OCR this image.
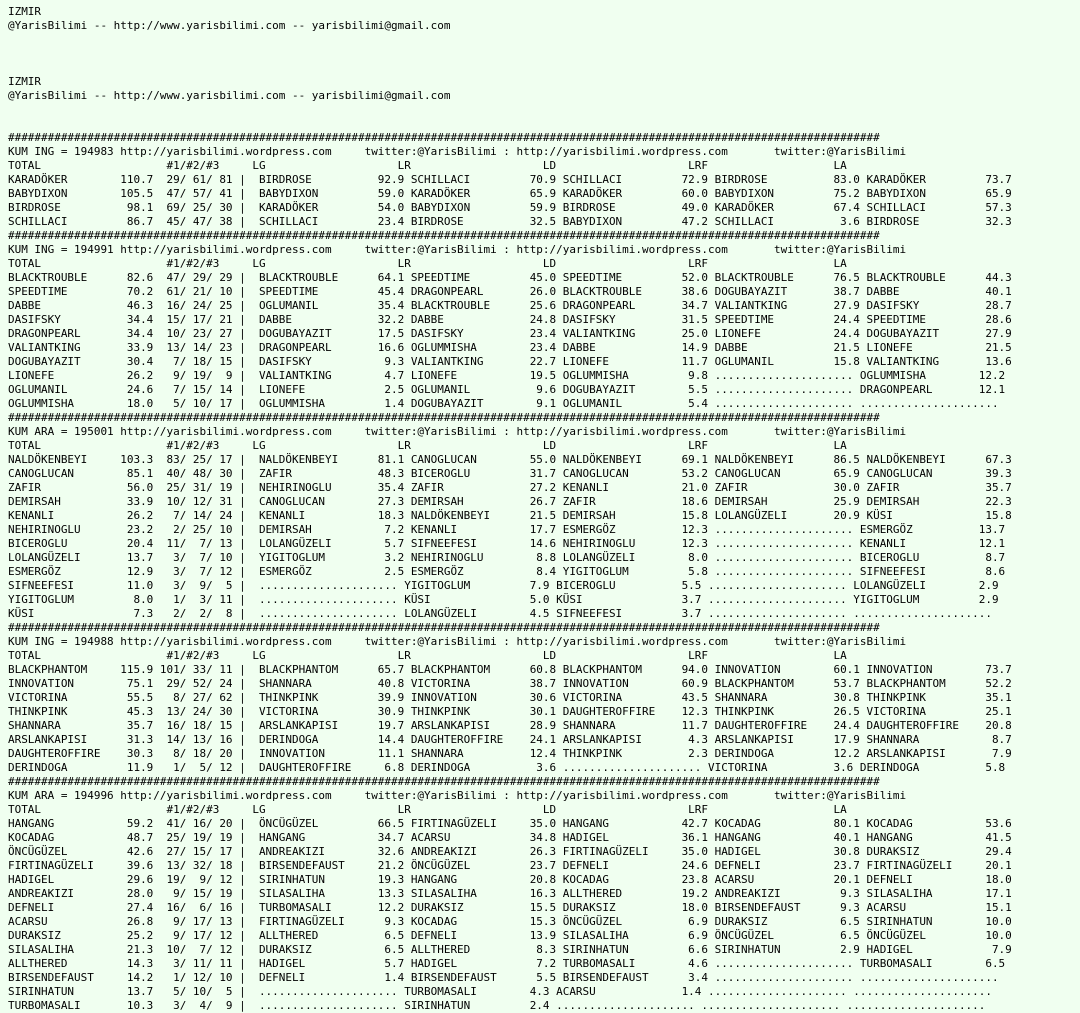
IZMIR
@YarisBilimi -- http://www.yarisbilimi.com -- yarisbilimi@gmail.com
IZMIR
@YarisBilimi -- http://www.yarisbilimi.com -- yarisbilimi@gmail.com
####################################################################################################################################
KUM ING = 194983 http://yarisbilimi.wordpress.com     twitter:@YarisBilimi : http://yarisbilimi.wordpress.com       twitter:@YarisBilimi
TOTAL                   #1/#2/#3     LG                    LR                    LD                    LRF                   LA
KARADÖKER        110.7  29/ 61/ 81 |  BIRDROSE          92.9 SCHILLACI         70.9 SCHILLACI         72.9 BIRDROSE          83.0 KARADÖKER         73.7
BABYDIXON        105.5  47/ 57/ 41 |  BABYDIXON         59.0 KARADÖKER         65.9 KARADÖKER         60.0 BABYDIXON         75.2 BABYDIXON         65.9
BIRDROSE          98.1  69/ 25/ 30 |  KARADÖKER         54.0 BABYDIXON         59.9 BIRDROSE          49.0 KARADÖKER         67.4 SCHILLACI         57.3
SCHILLACI         86.7  45/ 47/ 38 |  SCHILLACI         23.4 BIRDROSE          32.5 BABYDIXON         47.2 SCHILLACI          3.6 BIRDROSE          32.3
####################################################################################################################################
KUM ING = 194991 http://yarisbilimi.wordpress.com     twitter:@YarisBilimi : http://yarisbilimi.wordpress.com       twitter:@YarisBilimi
TOTAL                   #1/#2/#3     LG                    LR                    LD                    LRF                   LA
BLACKTROUBLE      82.6  47/ 29/ 29 |  BLACKTROUBLE      64.1 SPEEDTIME         45.0 SPEEDTIME         52.0 BLACKTROUBLE      76.5 BLACKTROUBLE      44.3
SPEEDTIME         70.2  61/ 21/ 10 |  SPEEDTIME         45.4 DRAGONPEARL       26.0 BLACKTROUBLE      38.6 DOGUBAYAZIT       38.7 DABBE             40.1
DABBE             46.3  16/ 24/ 25 |  OGLUMANIL         35.4 BLACKTROUBLE      25.6 DRAGONPEARL       34.7 VALIANTKING       27.9 DASIFSKY          28.7
DASIFSKY          34.4  15/ 17/ 21 |  DABBE             32.2 DABBE             24.8 DASIFSKY          31.5 SPEEDTIME         24.4 SPEEDTIME         28.6
DRAGONPEARL       34.4  10/ 23/ 27 |  DOGUBAYAZIT       17.5 DASIFSKY          23.4 VALIANTKING       25.0 LIONEFE           24.4 DOGUBAYAZIT       27.9
VALIANTKING       33.9  13/ 14/ 23 |  DRAGONPEARL       16.6 OGLUMMISHA        23.4 DABBE             14.9 DABBE             21.5 LIONEFE           21.5
DOGUBAYAZIT       30.4   7/ 18/ 15 |  DASIFSKY           9.3 VALIANTKING       22.7 LIONEFE           11.7 OGLUMANIL         15.8 VALIANTKING       13.6
LIONEFE           26.2   9/ 19/  9 |  VALIANTKING        4.7 LIONEFE           19.5 OGLUMMISHA         9.8 ..................... OGLUMMISHA        12.2
OGLUMANIL         24.6   7/ 15/ 14 |  LIONEFE            2.5 OGLUMANIL          9.6 DOGUBAYAZIT        5.5 ..................... DRAGONPEARL       12.1
OGLUMMISHA        18.0   5/ 10/ 17 |  OGLUMMISHA         1.4 DOGUBAYAZIT        9.1 OGLUMANIL          5.4 ..................... .....................
####################################################################################################################################
KUM ARA = 195001 http://yarisbilimi.wordpress.com     twitter:@YarisBilimi : http://yarisbilimi.wordpress.com       twitter:@YarisBilimi
TOTAL                   #1/#2/#3     LG                    LR                    LD                    LRF                   LA
NALDÖKENBEYI     103.3  83/ 25/ 17 |  NALDÖKENBEYI      81.1 CANOGLUCAN        55.0 NALDÖKENBEYI      69.1 NALDÖKENBEYI      86.5 NALDÖKENBEYI      67.3
CANOGLUCAN        85.1  40/ 48/ 30 |  ZAFIR             48.3 BICEROGLU         31.7 CANOGLUCAN        53.2 CANOGLUCAN        65.9 CANOGLUCAN        39.3
ZAFIR             56.0  25/ 31/ 19 |  NEHIRINOGLU       35.4 ZAFIR             27.2 KENANLI           21.0 ZAFIR             30.0 ZAFIR             35.7
DEMIRSAH          33.9  10/ 12/ 31 |  CANOGLUCAN        27.3 DEMIRSAH          26.7 ZAFIR             18.6 DEMIRSAH          25.9 DEMIRSAH          22.3
KENANLI           26.2   7/ 14/ 24 |  KENANLI           18.3 NALDÖKENBEYI      21.5 DEMIRSAH          15.8 LOLANGÜZELI       20.9 KÜSI              15.8
NEHIRINOGLU       23.2   2/ 25/ 10 |  DEMIRSAH           7.2 KENANLI           17.7 ESMERGÖZ          12.3 ..................... ESMERGÖZ          13.7
BICEROGLU         20.4  11/  7/ 13 |  LOLANGÜZELI        5.7 SIFNEEFESI        14.6 NEHIRINOGLU       12.3 ..................... KENANLI           12.1
LOLANGÜZELI       13.7   3/  7/ 10 |  YIGITOGLUM         3.2 NEHIRINOGLU        8.8 LOLANGÜZELI        8.0 ..................... BICEROGLU          8.7
ESMERGÖZ          12.9   3/  7/ 12 |  ESMERGÖZ           2.5 ESMERGÖZ           8.4 YIGITOGLUM         5.8 ..................... SIFNEEFESI         8.6
SIFNEEFESI        11.0   3/  9/  5 |  ..................... YIGITOGLUM         7.9 BICEROGLU          5.5 ..................... LOLANGÜZELI        2.9
YIGITOGLUM         8.0   1/  3/ 11 |  ..................... KÜSI               5.0 KÜSI               3.7 ..................... YIGITOGLUM         2.9
KÜSI               7.3   2/  2/  8 |  ..................... LOLANGÜZELI        4.5 SIFNEEFESI         3.7 ..................... .....................
####################################################################################################################################
KUM ING = 194988 http://yarisbilimi.wordpress.com     twitter:@YarisBilimi : http://yarisbilimi.wordpress.com       twitter:@YarisBilimi
TOTAL                   #1/#2/#3     LG                    LR                    LD                    LRF                   LA
BLACKPHANTOM     115.9 101/ 33/ 11 |  BLACKPHANTOM      65.7 BLACKPHANTOM      60.8 BLACKPHANTOM      94.0 INNOVATION        60.1 INNOVATION        73.7
INNOVATION        75.1  29/ 52/ 24 |  SHANNARA          40.8 VICTORINA         38.7 INNOVATION        60.9 BLACKPHANTOM      53.7 BLACKPHANTOM      52.2
VICTORINA         55.5   8/ 27/ 62 |  THINKPINK         39.9 INNOVATION        30.6 VICTORINA         43.5 SHANNARA          30.8 THINKPINK         35.1
THINKPINK         45.3  13/ 24/ 30 |  VICTORINA         30.9 THINKPINK         30.1 DAUGHTEROFFIRE    12.3 THINKPINK         26.5 VICTORINA         25.1
SHANNARA          35.7  16/ 18/ 15 |  ARSLANKAPISI      19.7 ARSLANKAPISI      28.9 SHANNARA          11.7 DAUGHTEROFFIRE    24.4 DAUGHTEROFFIRE    20.8
ARSLANKAPISI      31.3  14/ 13/ 16 |  DERINDOGA         14.4 DAUGHTEROFFIRE    24.1 ARSLANKAPISI       4.3 ARSLANKAPISI      17.9 SHANNARA           8.7
DAUGHTEROFFIRE    30.3   8/ 18/ 20 |  INNOVATION        11.1 SHANNARA          12.4 THINKPINK          2.3 DERINDOGA         12.2 ARSLANKAPISI       7.9
DERINDOGA         11.9   1/  5/ 12 |  DAUGHTEROFFIRE     6.8 DERINDOGA          3.6 ..................... VICTORINA          3.6 DERINDOGA          5.8
####################################################################################################################################
KUM ARA = 194996 http://yarisbilimi.wordpress.com     twitter:@YarisBilimi : http://yarisbilimi.wordpress.com       twitter:@YarisBilimi
TOTAL                   #1/#2/#3     LG                    LR                    LD                    LRF                   LA
HANGANG           59.2  41/ 16/ 20 |  ÖNCÜGÜZEL         66.5 FIRTINAGÜZELI     35.0 HANGANG           42.7 KOCADAG           80.1 KOCADAG           53.6
KOCADAG           48.7  25/ 19/ 19 |  HANGANG           34.7 ACARSU            34.8 HADIGEL           36.1 HANGANG           40.1 HANGANG           41.5
ÖNCÜGÜZEL         42.6  27/ 15/ 17 |  ANDREAKIZI        32.6 ANDREAKIZI        26.3 FIRTINAGÜZELI     35.0 HADIGEL           30.8 DURAKSIZ          29.4
FIRTINAGÜZELI     39.6  13/ 32/ 18 |  BIRSENDEFAUST     21.2 ÖNCÜGÜZEL         23.7 DEFNELI           24.6 DEFNELI           23.7 FIRTINAGÜZELI     20.1
HADIGEL           29.6  19/  9/ 12 |  SIRINHATUN        19.3 HANGANG           20.8 KOCADAG           23.8 ACARSU            20.1 DEFNELI           18.0
ANDREAKIZI        28.0   9/ 15/ 19 |  SILASALIHA        13.3 SILASALIHA        16.3 ALLTHERED         19.2 ANDREAKIZI         9.3 SILASALIHA        17.1
DEFNELI           27.4  16/  6/ 16 |  TURBOMASALI       12.2 DURAKSIZ          15.5 DURAKSIZ          18.0 BIRSENDEFAUST      9.3 ACARSU            15.1
ACARSU            26.8   9/ 17/ 13 |  FIRTINAGÜZELI      9.3 KOCADAG           15.3 ÖNCÜGÜZEL          6.9 DURAKSIZ           6.5 SIRINHATUN        10.0
DURAKSIZ          25.2   9/ 17/ 12 |  ALLTHERED          6.5 DEFNELI           13.9 SILASALIHA         6.9 ÖNCÜGÜZEL          6.5 ÖNCÜGÜZEL         10.0
SILASALIHA        21.3  10/  7/ 12 |  DURAKSIZ           6.5 ALLTHERED          8.3 SIRINHATUN         6.6 SIRINHATUN         2.9 HADIGEL            7.9
ALLTHERED         14.3   3/ 11/ 11 |  HADIGEL            5.7 HADIGEL            7.2 TURBOMASALI        4.6 ..................... TURBOMASALI        6.5
BIRSENDEFAUST     14.2   1/ 12/ 10 |  DEFNELI            1.4 BIRSENDEFAUST      5.5 BIRSENDEFAUST      3.4 ..................... .....................
SIRINHATUN        13.7   5/ 10/  5 |  ..................... TURBOMASALI        4.3 ACARSU             1.4 ..................... .....................
TURBOMASALI       10.3   3/  4/  9 |  ..................... SIRINHATUN         2.4 ..................... ..................... .....................
